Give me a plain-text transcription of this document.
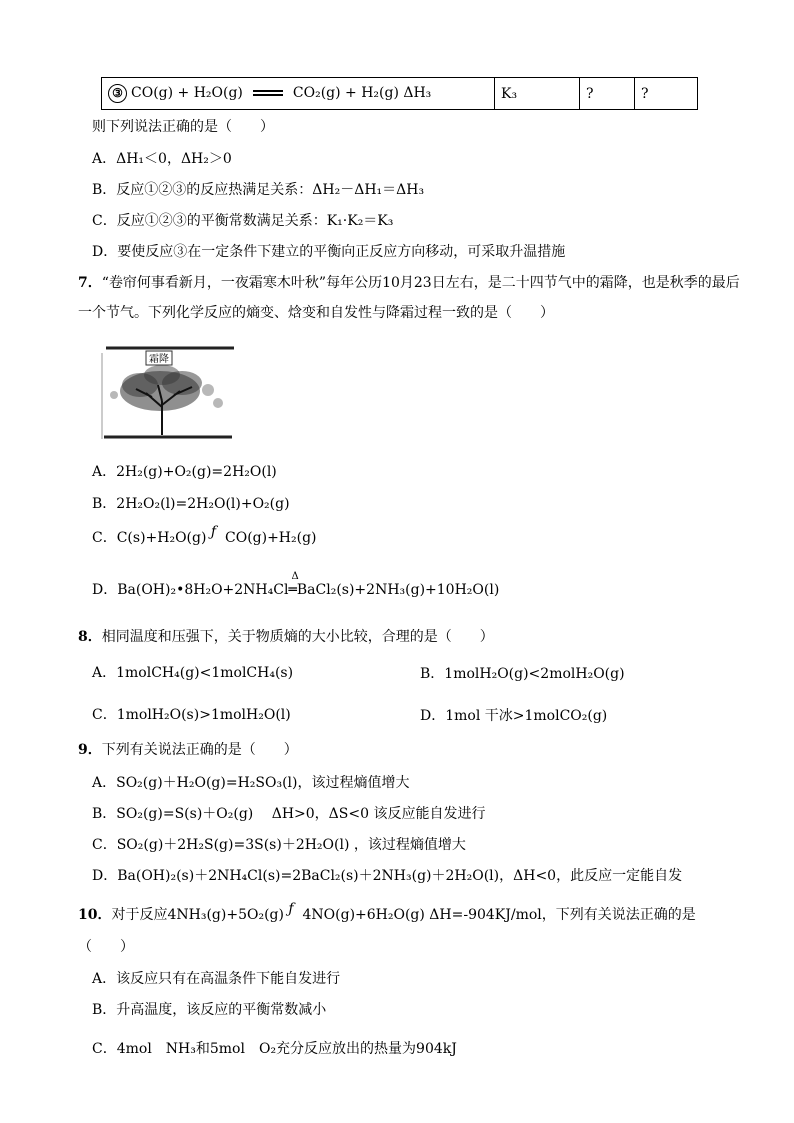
③ CO(g) + H₂O(g)	CO₂(g) + H₂(g) ΔH₃	K₃	?	?
则下列说法正确的是（　　）
A．ΔH₁＜0，ΔH₂＞0
B．反应①②③的反应热满足关系：ΔH₂－ΔH₁＝ΔH₃
C．反应①②③的平衡常数满足关系：K₁·K₂＝K₃
D．要使反应③在一定条件下建立的平衡向正反应方向移动，可采取升温措施
7．“卷帘何事看新月，一夜霜寒木叶秋”每年公历10月23日左右，是二十四节气中的霜降，也是秋季的最后一个节气。下列化学反应的熵变、焓变和自发性与降霜过程一致的是（　　）
霜降
A．2H₂(g)+O₂(g)=2H₂O(l)
B．2H₂O₂(l)=2H₂O(l)+O₂(g)
C．C(s)+H₂O(g) ƒ CO(g)+H₂(g)
D．Ba(OH)₂•8H₂O+2NH₄Cl
Δ
═BaCl₂(s)+2NH₃(g)+10H₂O(l)
8．相同温度和压强下，关于物质熵的大小比较，合理的是（　　）
A．1molCH₄(g)<1molCH₄(s)	B．1molH₂O(g)<2molH₂O(g)
C．1molH₂O(s)>1molH₂O(l)	D．1mol 干冰>1molCO₂(g)
9．下列有关说法正确的是（　　）
A．SO₂(g)＋H₂O(g)=H₂SO₃(l)，该过程熵值增大
B．SO₂(g)=S(s)＋O₂(g)　 ΔH>0，ΔS<0 该反应能自发进行
C．SO₂(g)＋2H₂S(g)=3S(s)＋2H₂O(l) ，该过程熵值增大
D．Ba(OH)₂(s)＋2NH₄Cl(s)=2BaCl₂(s)＋2NH₃(g)＋2H₂O(l)，ΔH<0，此反应一定能自发
10．对于反应4NH₃(g)+5O₂(g) ƒ 4NO(g)+6H₂O(g) ΔH=-904KJ/mol，下列有关说法正确的是
（　　）
A．该反应只有在高温条件下能自发进行
B．升高温度，该反应的平衡常数减小
C．4mol　NH₃和5mol　O₂充分反应放出的热量为904kJ
